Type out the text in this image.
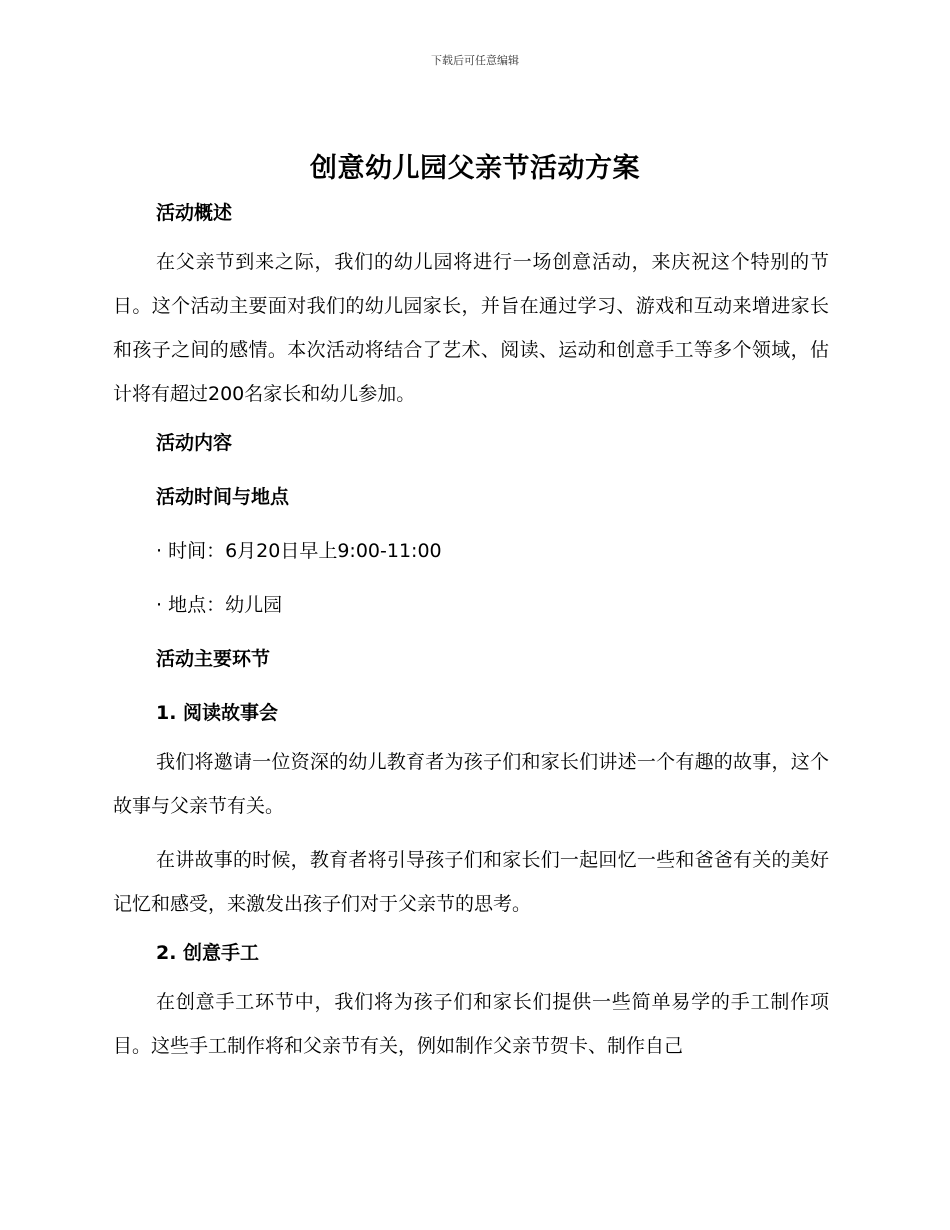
下载后可任意编辑
创意幼儿园父亲节活动方案

活动概述

在父亲节到来之际，我们的幼儿园将进行一场创意活动，来庆祝这个特别的节日。这个活动主要面对我们的幼儿园家长，并旨在通过学习、游戏和互动来增进家长和孩子之间的感情。本次活动将结合了艺术、阅读、运动和创意手工等多个领域，估计将有超过200名家长和幼儿参加。

活动内容

活动时间与地点

· 时间：6月20日早上9:00-11:00

· 地点：幼儿园

活动主要环节

1. 阅读故事会

我们将邀请一位资深的幼儿教育者为孩子们和家长们讲述一个有趣的故事，这个故事与父亲节有关。

在讲故事的时候，教育者将引导孩子们和家长们一起回忆一些和爸爸有关的美好记忆和感受，来激发出孩子们对于父亲节的思考。

2. 创意手工

在创意手工环节中，我们将为孩子们和家长们提供一些简单易学的手工制作项目。这些手工制作将和父亲节有关，例如制作父亲节贺卡、制作自己
